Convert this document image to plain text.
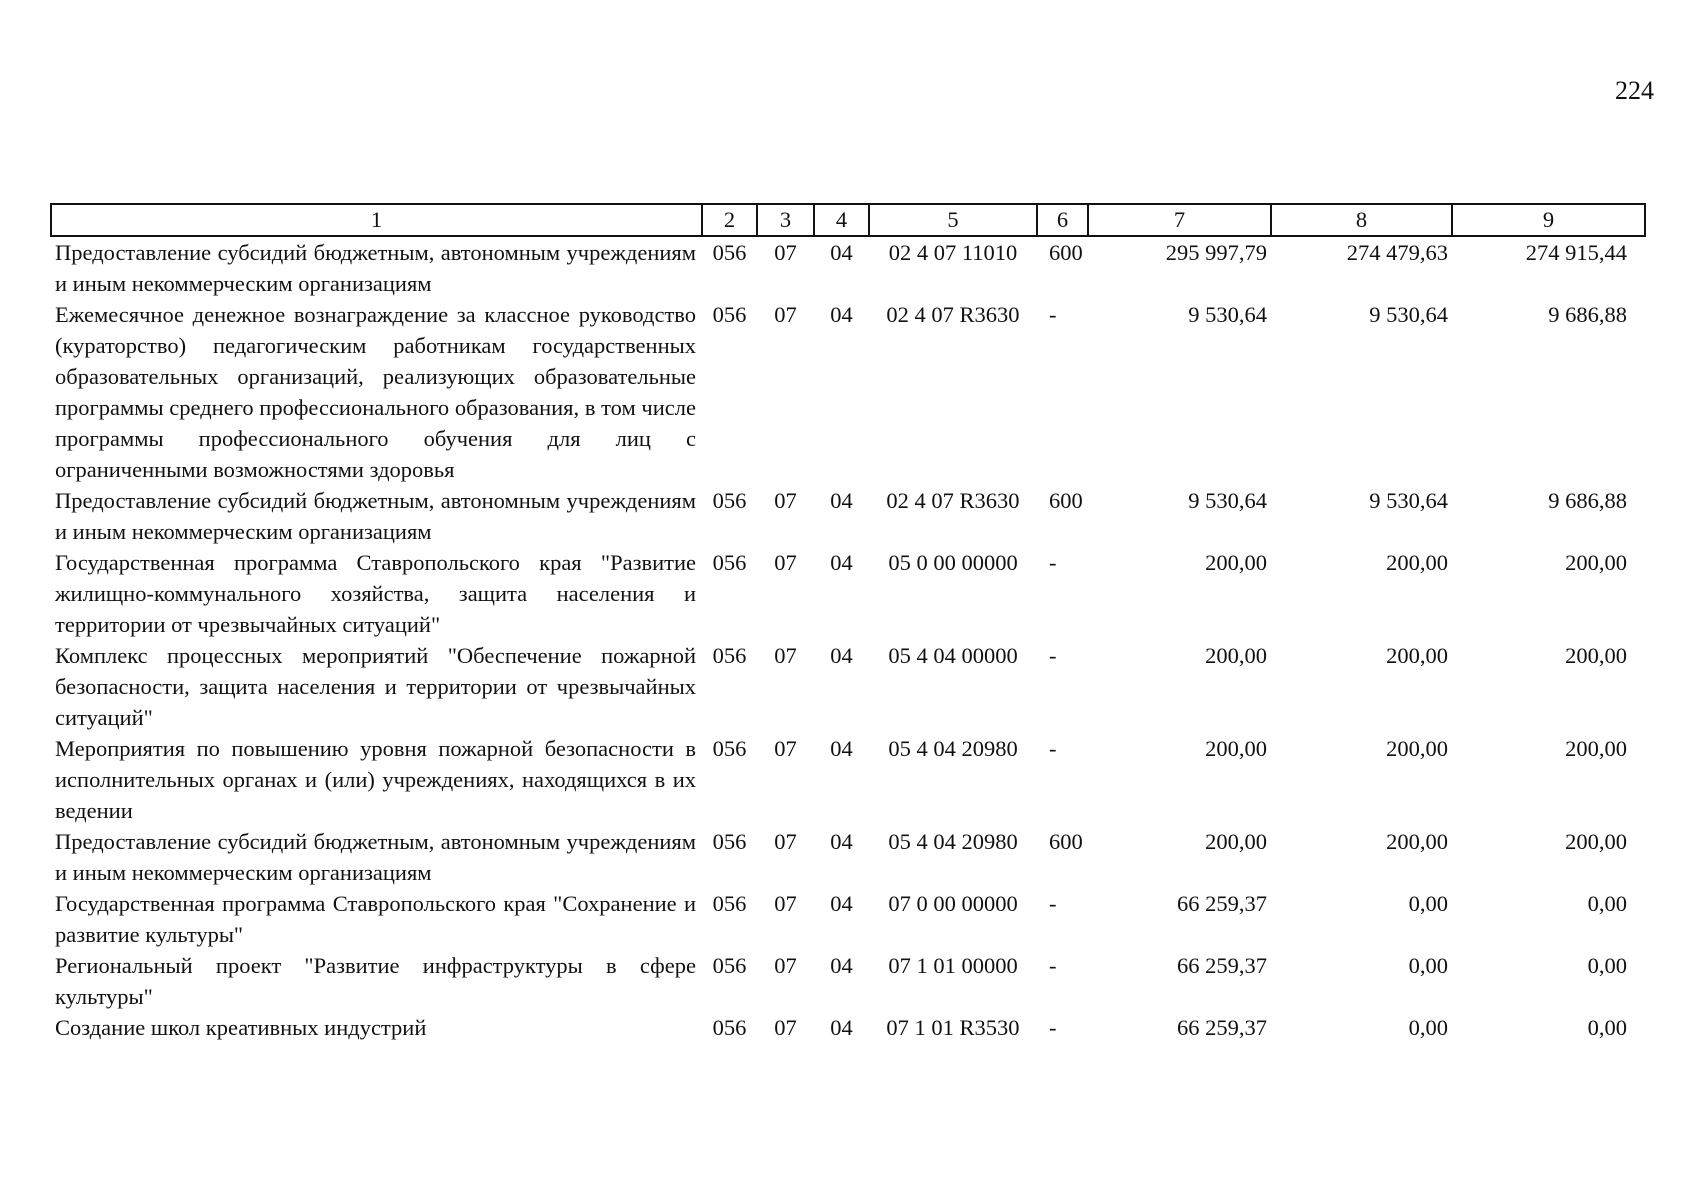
224
1	2	3	4	5	6	7	8	9
Предоставление субсидий бюджетным, автономным учреждениям и иным некоммерческим организациям	056	07	04	02 4 07 11010	600	295 997,79	274 479,63	274 915,44
Ежемесячное денежное вознаграждение за классное руководство (кураторство) педагогическим работникам государственных образовательных организаций, реализующих образовательные программы среднего профессионального образования, в том числе программы профессионального обучения для лиц с ограниченными возможностями здоровья	056	07	04	02 4 07 R3630	-	9 530,64	9 530,64	9 686,88
Предоставление субсидий бюджетным, автономным учреждениям и иным некоммерческим организациям	056	07	04	02 4 07 R3630	600	9 530,64	9 530,64	9 686,88
Государственная программа Ставропольского края "Развитие жилищно-коммунального хозяйства, защита населения и территории от чрезвычайных ситуаций"	056	07	04	05 0 00 00000	-	200,00	200,00	200,00
Комплекс процессных мероприятий "Обеспечение пожарной безопасности, защита населения и территории от чрезвычайных ситуаций"	056	07	04	05 4 04 00000	-	200,00	200,00	200,00
Мероприятия по повышению уровня пожарной безопасности в исполнительных органах и (или) учреждениях, находящихся в их ведении	056	07	04	05 4 04 20980	-	200,00	200,00	200,00
Предоставление субсидий бюджетным, автономным учреждениям и иным некоммерческим организациям	056	07	04	05 4 04 20980	600	200,00	200,00	200,00
Государственная программа Ставропольского края "Сохранение и развитие культуры"	056	07	04	07 0 00 00000	-	66 259,37	0,00	0,00
Региональный проект "Развитие инфраструктуры в сфере культуры"	056	07	04	07 1 01 00000	-	66 259,37	0,00	0,00
Создание школ креативных индустрий	056	07	04	07 1 01 R3530	-	66 259,37	0,00	0,00
